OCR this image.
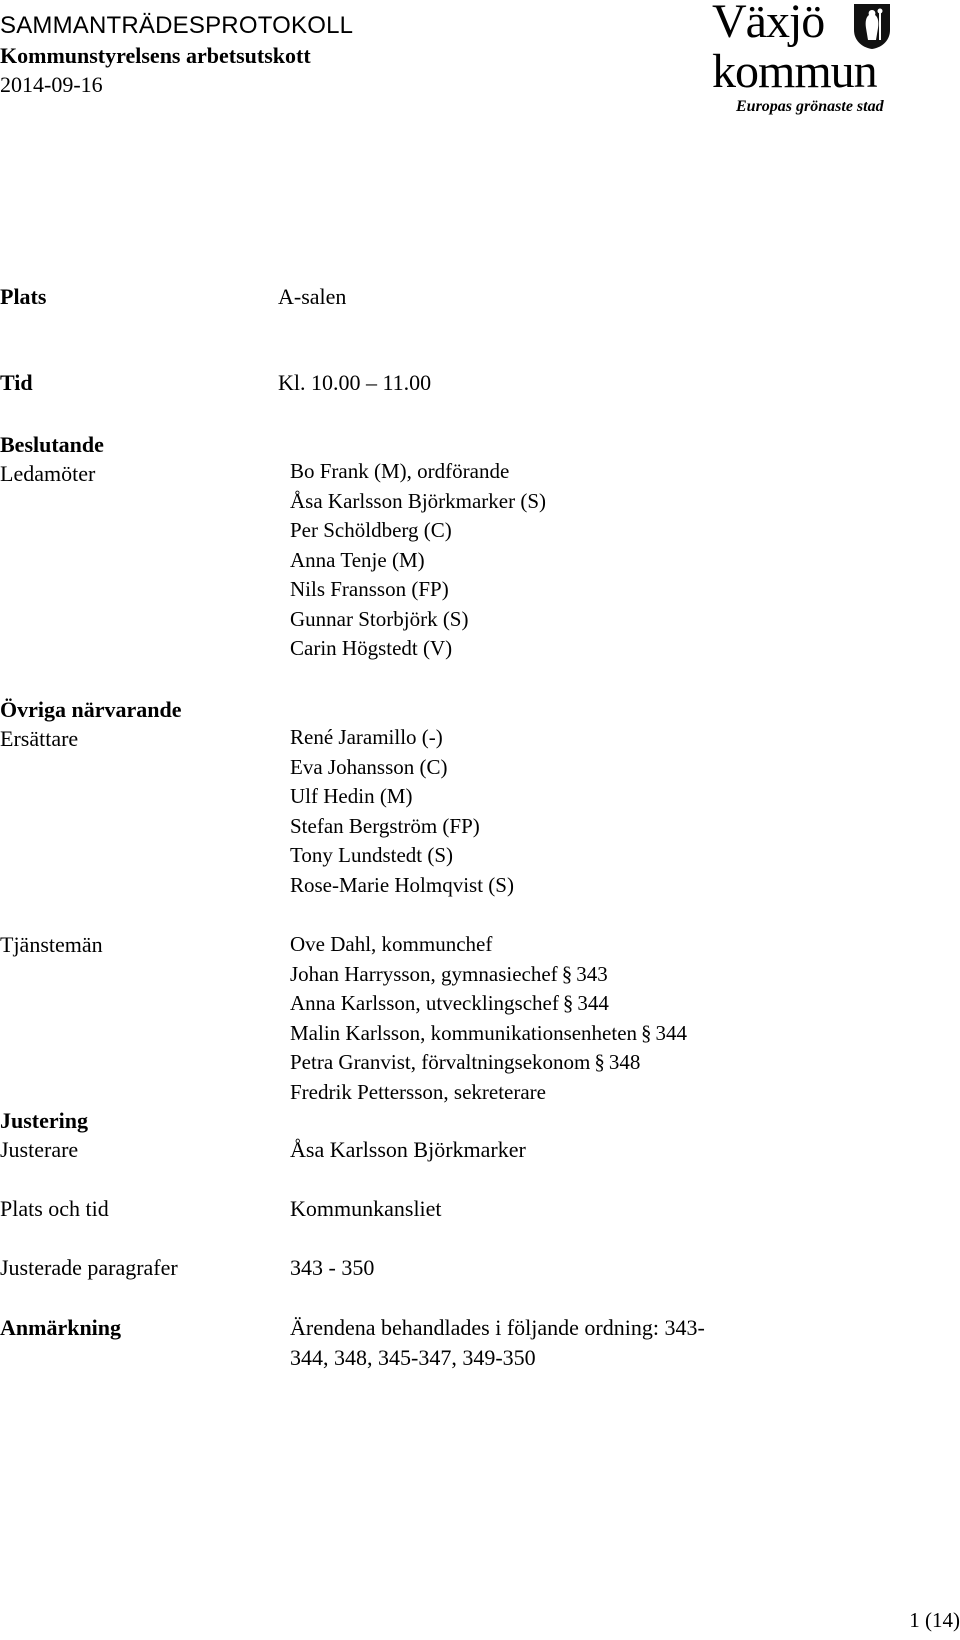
SAMMANTRÄDESPROTOKOLL
Kommunstyrelsens arbetsutskott
2014-09-16
Växjö
kommun
Europas grönaste stad
Plats	A-salen
Tid	Kl. 10.00 – 11.00
Beslutande
Ledamöter	Bo Frank (M), ordförande
Åsa Karlsson Björkmarker (S)
Per Schöldberg (C)
Anna Tenje (M)
Nils Fransson (FP)
Gunnar Storbjörk (S)
Carin Högstedt (V)
Övriga närvarande
Ersättare	René Jaramillo (-)
Eva Johansson (C)
Ulf Hedin (M)
Stefan Bergström (FP)
Tony Lundstedt (S)
Rose-Marie Holmqvist (S)
Tjänstemän	Ove Dahl, kommunchef
Johan Harrysson, gymnasiechef § 343
Anna Karlsson, utvecklingschef § 344
Malin Karlsson, kommunikationsenheten § 344
Petra Granvist, förvaltningsekonom § 348
Fredrik Pettersson, sekreterare
Justering
Justerare	Åsa Karlsson Björkmarker
Plats och tid	Kommunkansliet
Justerade paragrafer	343 - 350
Anmärkning	Ärendena behandlades i följande ordning: 343-
344, 348, 345-347, 349-350
1 (14)
